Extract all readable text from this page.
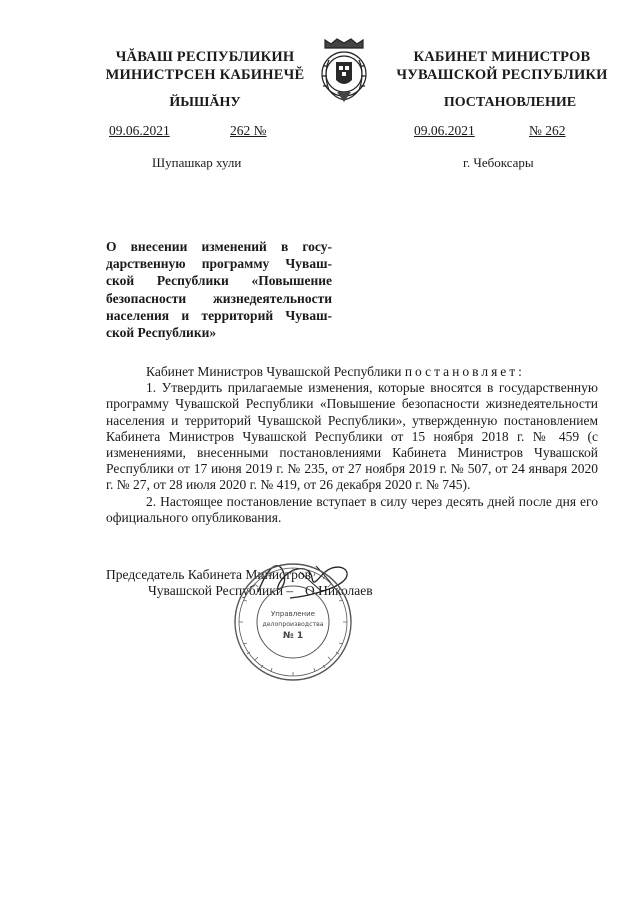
ЧĂВАШ РЕСПУБЛИКИН
МИНИСТРСЕН КАБИНЕЧĔ
КАБИНЕТ МИНИСТРОВ
ЧУВАШСКОЙ РЕСПУБЛИКИ
ЙЫШĂНУ	ПОСТАНОВЛЕНИЕ
09.06.2021	262 №	09.06.2021	№ 262
Шупашкар хули	г. Чебоксары
О внесении изменений в госу-
дарственную программу Чуваш-
ской Республики «Повышение
безопасности жизнедеятельности
населения и территорий Чуваш-
ской Республики»

Кабинет Министров Чувашской Республики постановляет:

1. Утвердить прилагаемые изменения, которые вносятся в государственную программу Чувашской Республики «Повышение безопасности жизнедеятельности населения и территорий Чувашской Республики», утвержденную постановлением Кабинета Министров Чувашской Республики от 15 ноября 2018 г. № 459 (с изменениями, внесенными постановлениями Кабинета Министров Чувашской Республики от 17 июня 2019 г. № 235, от 27 ноября 2019 г. № 507, от 24 января 2020 г. № 27, от 28 июля 2020 г. № 419, от 26 декабря 2020 г. № 745).

2. Настоящее постановление вступает в силу через десять дней после дня его официального опубликования.

Председатель Кабинета Министров
Чувашской Республики – О.Николаев
Управление
делопроизводства
№ 1
